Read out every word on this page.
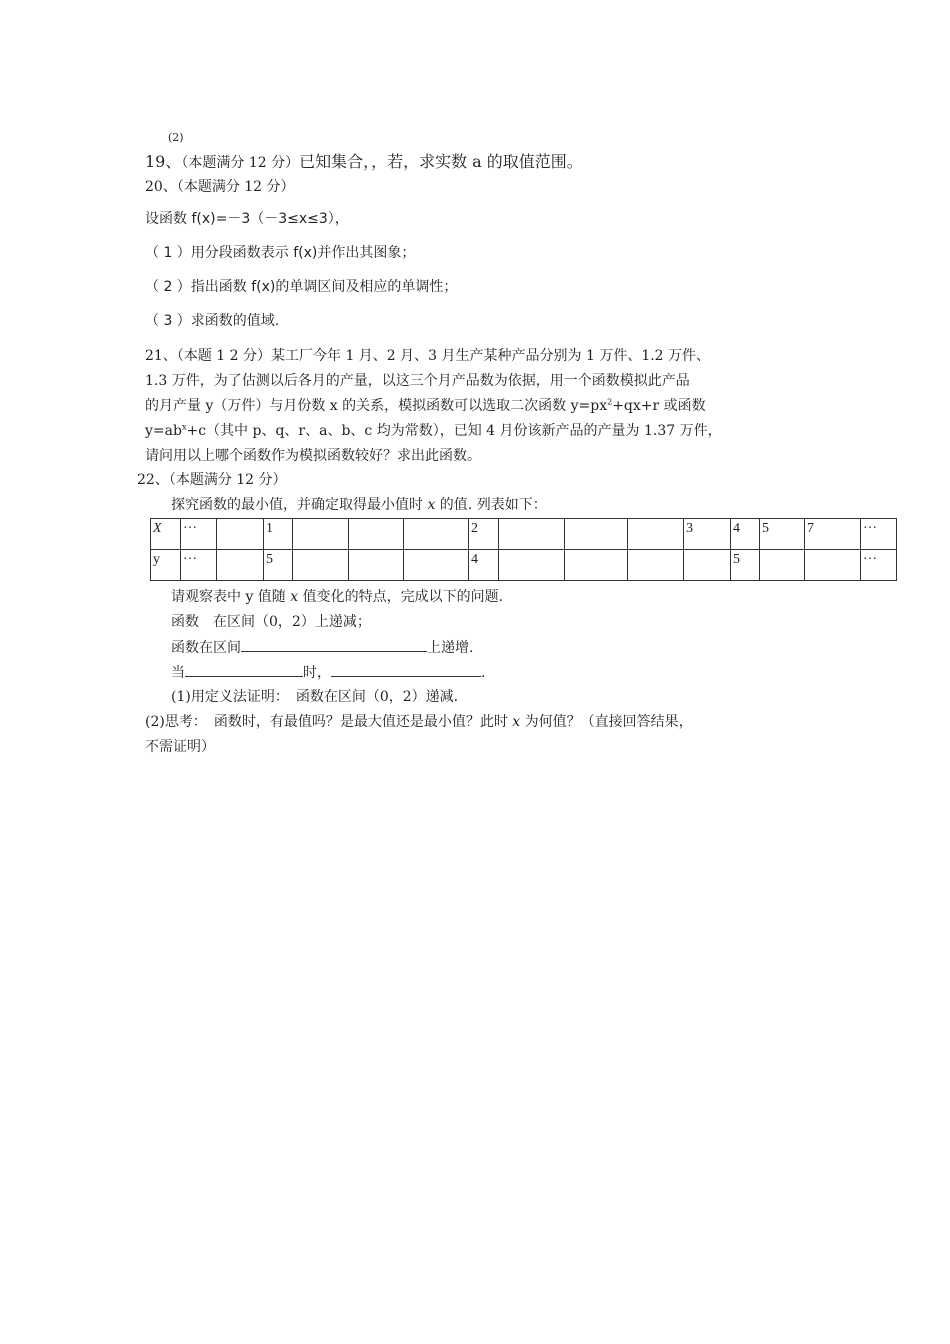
(2)
19、（本题满分 12 分）已知集合，，若，求实数 a 的取值范围。
20、（本题满分 12 分）
设函数 f(x)=－3（－3≤x≤3），
（ 1 ）用分段函数表示 f(x)并作出其图象；
（ 2 ）指出函数 f(x)的单调区间及相应的单调性；
（ 3 ）求函数的值域.
21、（本题 1 2 分）某工厂今年 1 月、2 月、3 月生产某种产品分别为 1 万件、1.2 万件、
1.3 万件，为了估测以后各月的产量，以这三个月产品数为依据，用一个函数模拟此产品
的月产量 y（万件）与月份数 x 的关系，模拟函数可以选取二次函数 $y=px^2+qx+r$ 或函数
$y=ab^x+c$（其中 p、q、r、a、b、c 均为常数），已知 4 月份该新产品的产量为 1.37 万件，
请问用以上哪个函数作为模拟函数较好？求出此函数。
22、（本题满分 12 分）
探究函数的最小值，并确定取得最小值时 x 的值. 列表如下：
X	···		1				2				3	4	5	7	···
y	···		5				4					5			···
请观察表中 y 值随 x 值变化的特点，完成以下的问题.
函数　在区间（0，2）上递减；
函数在区间	上递增.
当	时，	.
(1)用定义法证明：　函数在区间（0，2）递减.
(2)思考：　函数时，有最值吗？是最大值还是最小值？此时 x 为何值？（直接回答结果，
不需证明）
